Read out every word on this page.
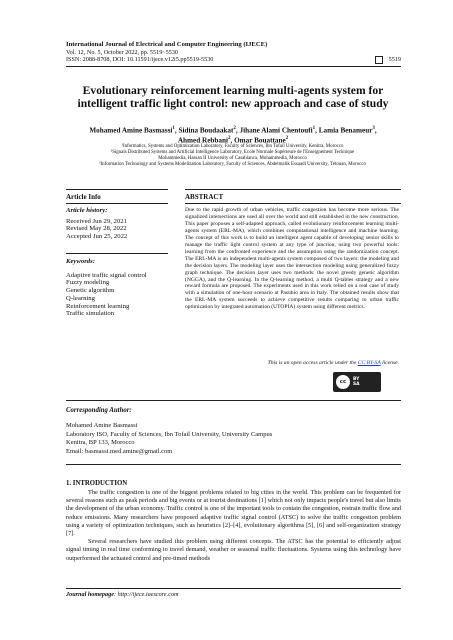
International Journal of Electrical and Computer Engineering (IJECE)
Vol. 12, No. 5, October 2022, pp. 5519~5530
ISSN: 2088-8708, DOI: 10.11591/ijece.v12i5.pp5519-5530	5519
Evolutionary reinforcement learning multi-agents system for intelligent traffic light control: new approach and case of study
Mohamed Amine Basmassi$^1$, Sidina Boudaakat$^2$, Jihane Alami Chentoufi$^1$, Lamia Benameur$^3$,
Ahmed Rebbani$^2$, Omar Bouattane$^2$
¹Informatics, Systems and Optimization Laboratory, Faculty of Sciences, Ibn Tofail University, Kenitra, Morocco
²Signals Distributed Systems and Artificial Intelligence Laboratory, Ecole Normale Supérieure de l'Enseignement Technique
Mohammedia, Hassan II University of Casablanca, Mohammedia, Morocco
³Information Technology and Systems Modelization Laboratory, Faculty of Sciences, Abdelmalik Essaadi University, Tétouan, Morocco
Article Info	ABSTRACT
Article history:
Received Jun 29, 2021
Revised May 28, 2022
Accepted Jun 25, 2022
Keywords:
Adaptive traffic signal control
Fuzzy modeling
Genetic algorithm
Q-learning
Reinforcement learning
Traffic simulation
Due to the rapid growth of urban vehicles, traffic congestion has become more serious. The signalized intersections are used all over the world and still established in the new construction. This paper proposes a self-adapted approach, called evolutionary reinforcement learning multi-agents system (ERL-MA), which combines computational intelligence and machine learning. The concept of this work is to build an intelligent agent capable of developing senior skills to manage the traffic light control system at any type of junction, using two powerful tools: learning from the confronted experience and the assumption using the randomization concept. The ERL-MA is an independent multi-agents system composed of two layers: the modeling and the decision layers. The modeling layer uses the intersection modeling using generalized fuzzy graph technique. The decision layer uses two methods: the novel greedy genetic algorithm (NGGA), and the Q-learning. In the Q-learning method, a multi Q-tables strategy and a new reward formula are proposed. The experiments used in this work relied on a real case of study with a simulation of one-hour scenario at Pasubio area in Italy. The obtained results show that the ERL-MA system succeeds to achieve competitive results comparing to urban traffic optimization by integrated automation (UTOPIA) system using different metrics.
This is an open access article under the CC BY-SA license.
cc	BY
SA
Corresponding Author:
Mohamed Amine Basmassi
Laboratory ISO, Faculty of Sciences, Ibn Tofail University, University Campus
Kenitra, BP 133, Morocco
Email: basmassi.med.amine@gmail.com
1. INTRODUCTION

The traffic congestion is one of the biggest problems related to big cities in the world. This problem can be frequented for several reasons such as peak periods and big events or at tourist destinations [1] which not only impacts people's travel but also limits the development of the urban economy. Traffic control is one of the important tools to contain the congestion, restrain traffic flow and reduce emissions. Many researchers have proposed adaptive traffic signal control (ATSC) to solve the traffic congestion problem using a variety of optimization techniques, such as heuristics [2]–[4], evolutionary algorithms [5], [6] and self-organization strategy [7].

Several researchers have studied this problem using different concepts. The ATSC has the potential to efficiently adjust signal timing in real time conforming to travel demand, weather or seasonal traffic fluctuations. Systems using this technology have outperformed the actuated control and pre-timed methods

Journal homepage: http://ijece.iaescore.com
